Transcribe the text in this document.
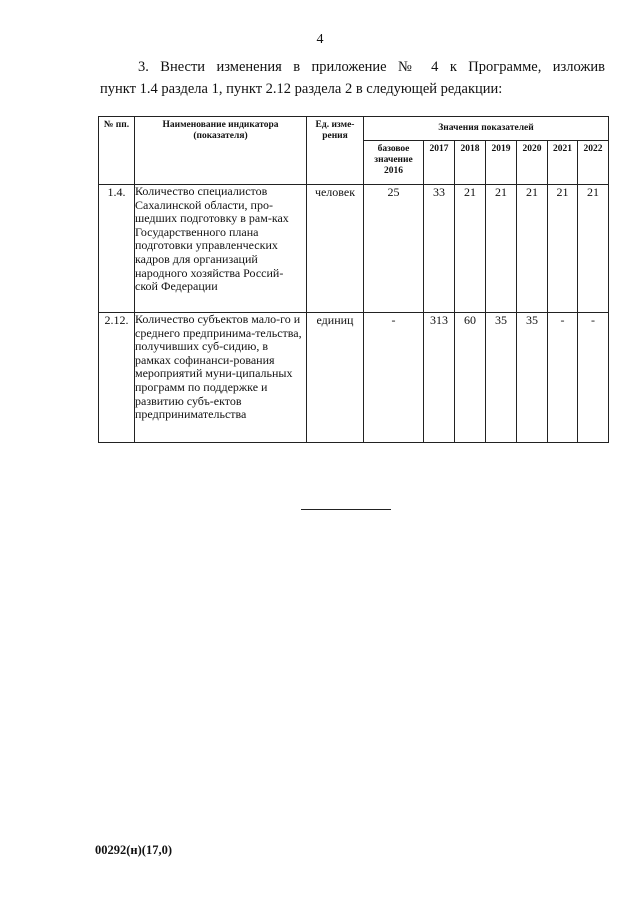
4
3. Внести изменения в приложение № 4 к Программе, изложив
пункт 1.4 раздела 1, пункт 2.12 раздела 2 в следующей редакции:
№ пп.	Наименование индикатора (показателя)	Ед. изме-рения	Значения показателей						
			базовое значение 2016	2017	2018	2019	2020	2021	2022
1.4.	Количество специалистов Сахалинской области, про-шедших подготовку в рам-ках Государственного плана подготовки управленческих кадров для организаций народного хозяйства Россий-ской Федерации	человек	25	33	21	21	21	21	21
2.12.	Количество субъектов мало-го и среднего предпринима-тельства, получивших суб-сидию, в рамках софинанси-рования мероприятий муни-ципальных программ по поддержке и развитию субъ-ектов предпринимательства	единиц	-	313	60	35	35	-	-
00292(н)(17,0)
